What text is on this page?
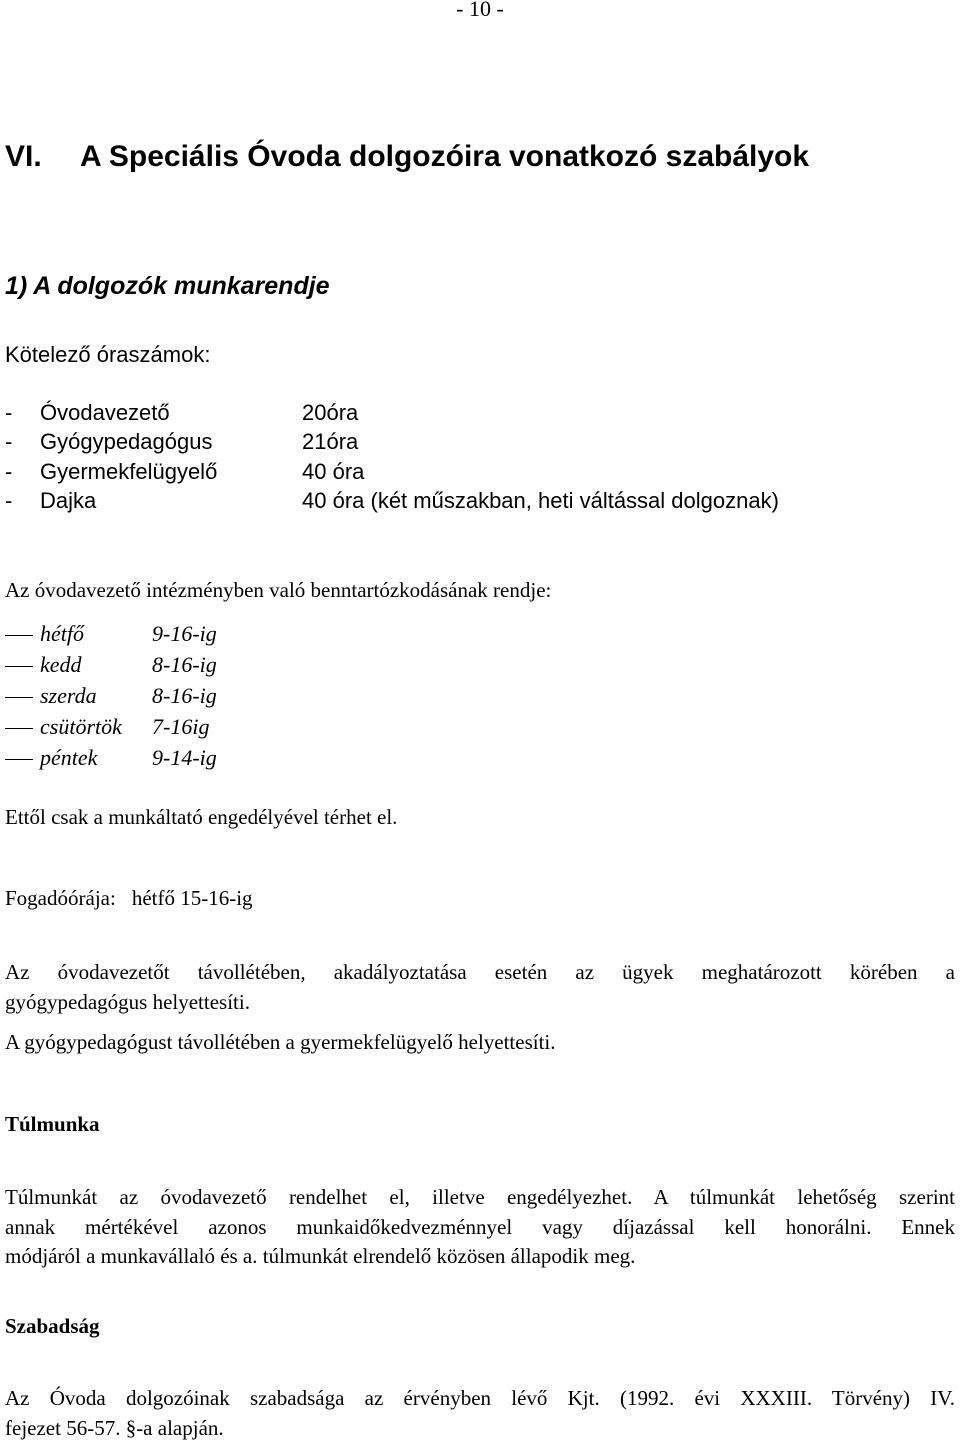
- 10 -
VI. A Speciális Óvoda dolgozóira vonatkozó szabályok
1) A dolgozók munkarendje
Kötelező óraszámok:
- Óvodavezető	20óra
- Gyógypedagógus	21óra
- Gyermekfelügyelő	40 óra
- Dajka	40 óra (két műszakban, heti váltással dolgoznak)
Az óvodavezető intézményben való benntartózkodásának rendje:
hétfő	9-16-ig
kedd	8-16-ig
szerda	8-16-ig
csütörtök 7-16ig
péntek 9-14-ig
Ettől csak a munkáltató engedélyével térhet el.
Fogadóórája: hétfő 15-16-ig
Az óvodavezetőt távollétében, akadályoztatása esetén az ügyek meghatározott körében a
gyógypedagógus helyettesíti.
A gyógypedagógust távollétében a gyermekfelügyelő helyettesíti.
Túlmunka
Túlmunkát az óvodavezető rendelhet el, illetve engedélyezhet. A túlmunkát lehetőség szerint
annak mértékével azonos munkaidőkedvezménnyel vagy díjazással kell honorálni. Ennek
módjáról a munkavállaló és a. túlmunkát elrendelő közösen állapodik meg.
Szabadság
Az Óvoda dolgozóinak szabadsága az érvényben lévő Kjt. (1992. évi XXXIII. Törvény) IV.
fejezet 56-57. §-a alapján.
